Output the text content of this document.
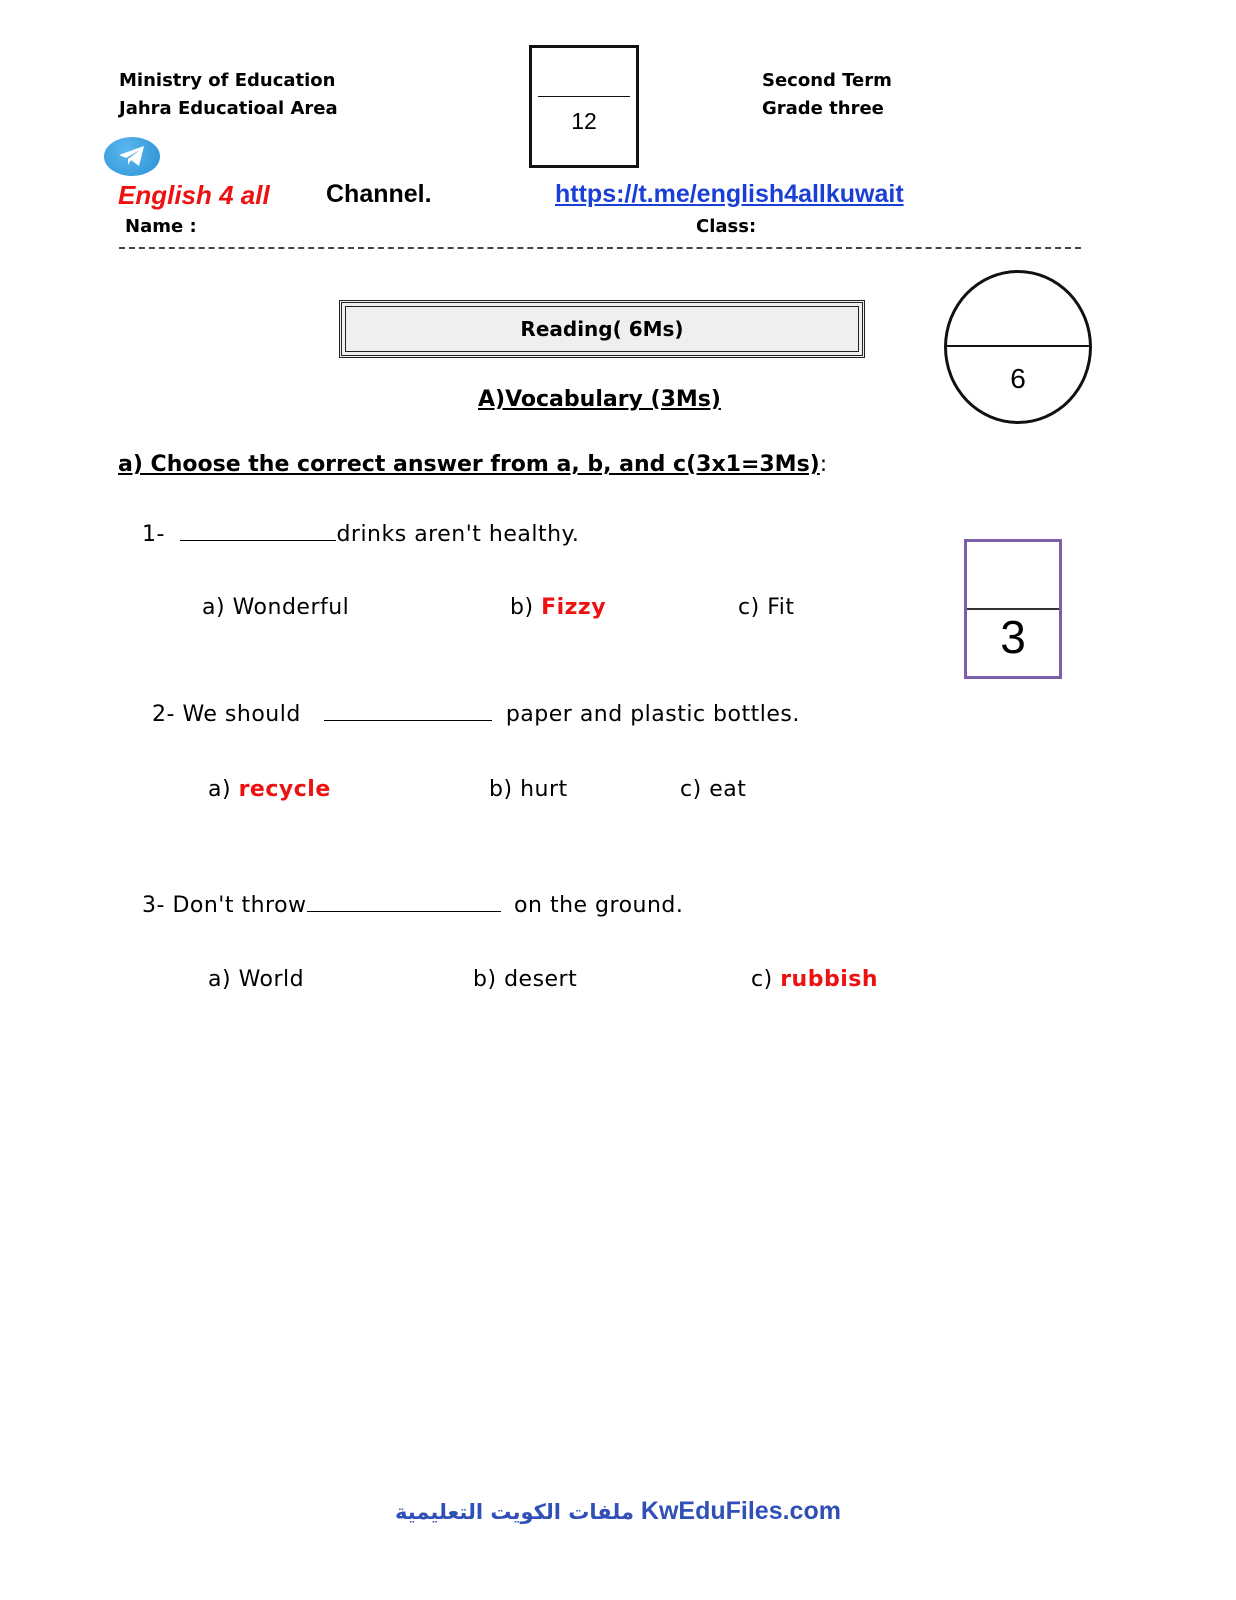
Ministry of Education
Jahra Educatioal Area
Second Term
Grade three
12
English 4 all Channel.	https://t.me/english4allkuwait
Name :	Class:
Reading( 6Ms)
6
A)Vocabulary (3Ms)
a) Choose the correct answer from a, b, and c(3x1=3Ms):
3
1-	drinks aren't healthy.
a) Wonderful	b) Fizzy	c) Fit
2- We should	paper and plastic bottles.
a) recycle	b) hurt	c) eat
3- Don't throw	on the ground.
a) World	b) desert	c) rubbish
ملفات الكويت التعليمية KwEduFiles.com
